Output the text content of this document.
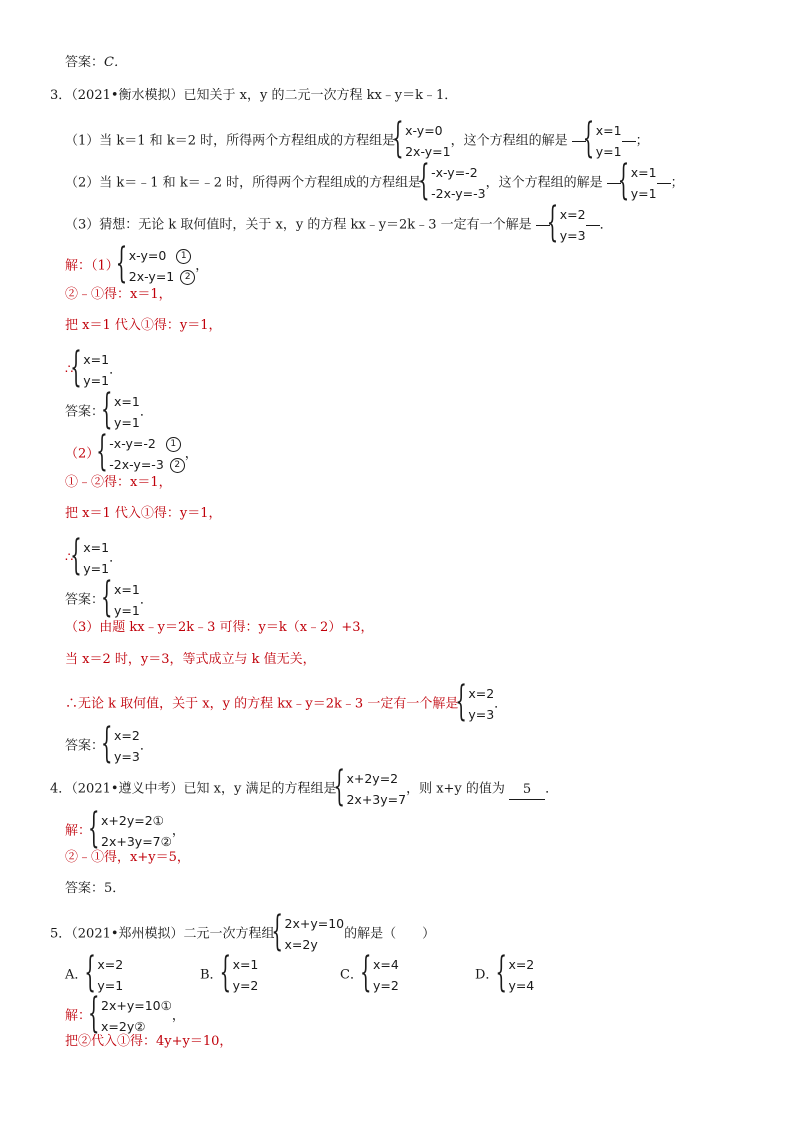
答案：C．
3．（2021•衡水模拟）已知关于 x，y 的二元一次方程 kx﹣y＝k﹣1．
（1）当 k＝1 和 k＝2 时，所得两个方程组成的方程组是
{ x-y=0
2x-y=1
，这个方程组的解是
{ x=1
y=1
；
（2）当 k＝﹣1 和 k＝﹣2 时，所得两个方程组成的方程组是
{ -x-y=-2
-2x-y=-3
，这个方程组的解是
{ x=1
y=1
；
（3）猜想：无论 k 取何值时，关于 x，y 的方程 kx﹣y＝2k﹣3 一定有一个解是
{ x=2
y=3
．
解：（1）
{ x-y=0 1
2x-y=1 2
，
②﹣①得：x＝1，
把 x＝1 代入①得：y＝1，
∴
{ x=1
y=1
．
答案：
{ x=1
y=1
．
（2）
{ -x-y=-2 1
-2x-y=-3 2
，
①﹣②得：x＝1，
把 x＝1 代入①得：y＝1，
∴
{ x=1
y=1
．
答案：
{ x=1
y=1
．
（3）由题 kx﹣y＝2k﹣3 可得：y＝k（x﹣2）+3，
当 x＝2 时，y＝3，等式成立与 k 值无关，
∴无论 k 取何值，关于 x，y 的方程 kx﹣y＝2k﹣3 一定有一个解是
{ x=2
y=3
．
答案：
{ x=2
y=3
．
4．（2021•遵义中考）已知 x，y 满足的方程组是
{ x+2y=2
2x+3y=7
，则 x+y 的值为 5 ．
解：
{ x+2y=2①
2x+3y=7②
，
②﹣①得，x+y＝5，
答案：5．
5．（2021•郑州模拟）二元一次方程组
{ 2x+y=10
x=2y
的解是（　　）
A．
{ x=2
y=1
B．
{ x=1
y=2
C．
{ x=4
y=2
D．
{ x=2
y=4
解：
{ 2x+y=10①
x=2y②
，
把②代入①得：4y+y＝10，
